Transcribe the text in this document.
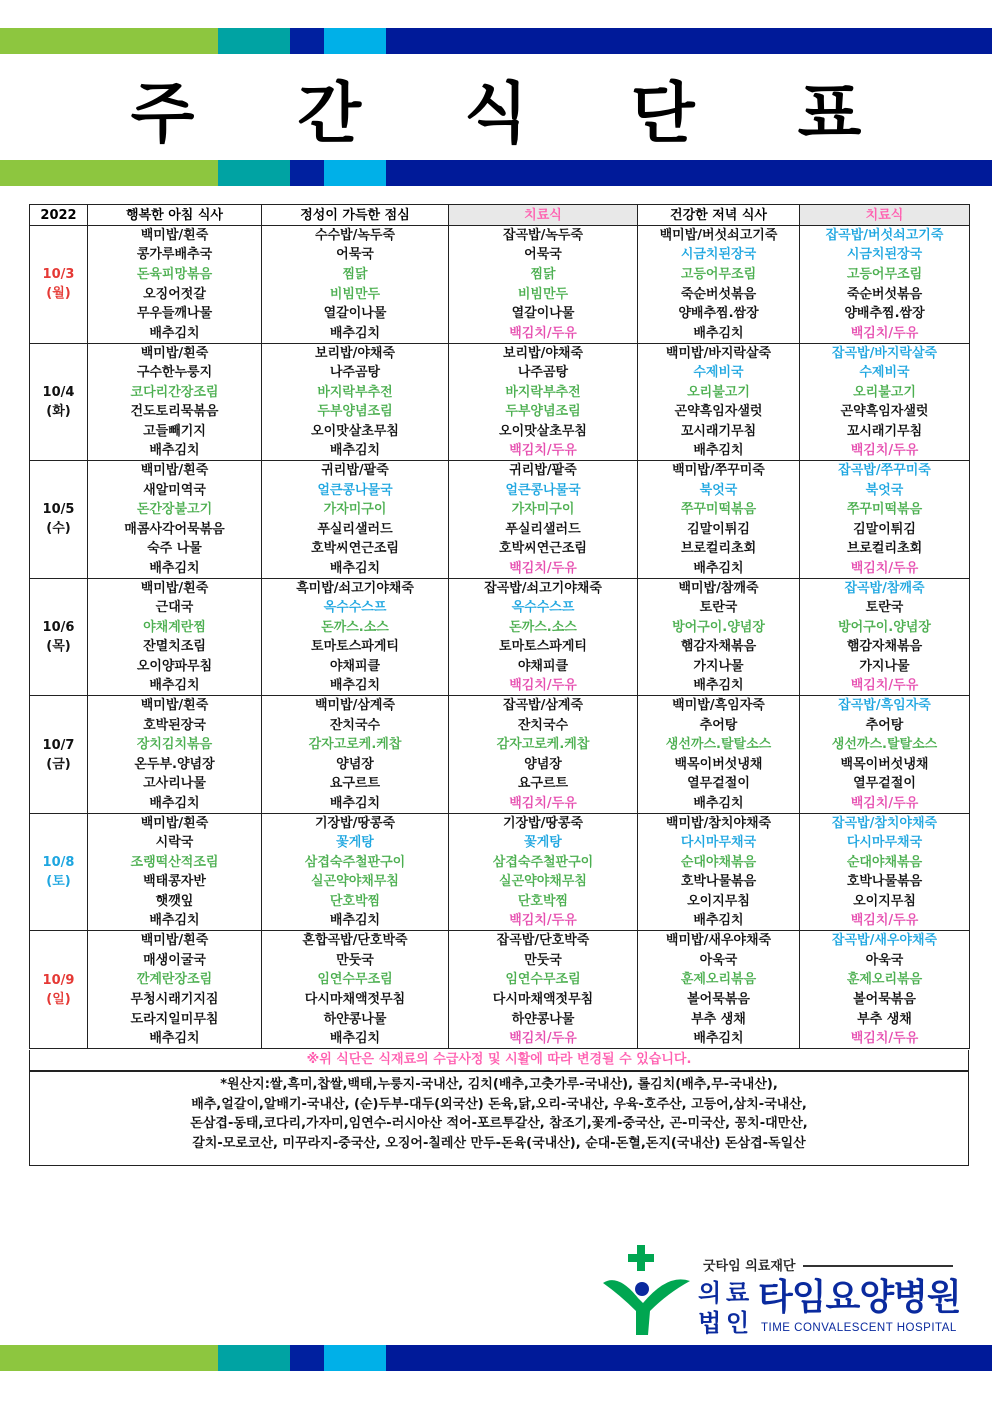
주 간 식 단 표
2022	행복한 아침 식사	정성이 가득한 점심	치료식	건강한 저녁 식사	치료식

10/3
(월)	백미밥/흰죽	수수밥/녹두죽	잡곡밥/녹두죽	백미밥/버섯쇠고기죽	잡곡밥/버섯쇠고기죽
	콩가루배추국	어묵국	어묵국	시금치된장국	시금치된장국
	돈육피망볶음	찜닭	찜닭	고등어무조림	고등어무조림
	오징어젓갈	비빔만두	비빔만두	죽순버섯볶음	죽순버섯볶음
	무우들깨나물	열갈이나물	열갈이나물	양배추찜.쌈장	양배추찜.쌈장
	배추김치	배추김치	백김치/두유	배추김치	백김치/두유

10/4
(화)	백미밥/흰죽	보리밥/야채죽	보리밥/야채죽	백미밥/바지락살죽	잡곡밥/바지락살죽
	구수한누룽지	나주곰탕	나주곰탕	수제비국	수제비국
	코다리간장조림	바지락부추전	바지락부추전	오리불고기	오리불고기
	건도토리묵볶음	두부양념조림	두부양념조림	곤약흑임자샐럿	곤약흑임자샐럿
	고들빼기지	오이맛살초무침	오이맛살초무침	꼬시래기무침	꼬시래기무침
	배추김치	배추김치	백김치/두유	배추김치	백김치/두유

10/5
(수)	백미밥/흰죽	귀리밥/팥죽	귀리밥/팥죽	백미밥/쭈꾸미죽	잡곡밥/쭈꾸미죽
	새알미역국	얼큰콩나물국	얼큰콩나물국	북엇국	북엇국
	돈간장불고기	가자미구이	가자미구이	쭈꾸미떡볶음	쭈꾸미떡볶음
	매콤사각어묵볶음	푸실리샐러드	푸실리샐러드	김말이튀김	김말이튀김
	숙주 나물	호박씨연근조림	호박씨연근조림	브로컬리초회	브로컬리초회
	배추김치	배추김치	백김치/두유	배추김치	백김치/두유

10/6
(목)	백미밥/흰죽	흑미밥/쇠고기야채죽	잡곡밥/쇠고기야채죽	백미밥/참깨죽	잡곡밥/참깨죽
	근대국	옥수수스프	옥수수스프	토란국	토란국
	야채계란찜	돈까스.소스	돈까스.소스	방어구이.양념장	방어구이.양념장
	잔멸치조림	토마토스파게티	토마토스파게티	햄감자채볶음	햄감자채볶음
	오이양파무침	야채피클	야채피클	가지나물	가지나물
	배추김치	배추김치	백김치/두유	배추김치	백김치/두유

10/7
(금)	백미밥/흰죽	백미밥/삼계죽	잡곡밥/삼계죽	백미밥/흑임자죽	잡곡밥/흑임자죽
	호박된장국	잔치국수	잔치국수	추어탕	추어탕
	장치김치볶음	감자고로케.케찹	감자고로케.케찹	생선까스.탈탈소스	생선까스.탈탈소스
	온두부.양념장	양념장	양념장	백목이버섯냉채	백목이버섯냉채
	고사리나물	요구르트	요구르트	열무겉절이	열무겉절이
	배추김치	배추김치	백김치/두유	배추김치	백김치/두유

10/8
(토)	백미밥/흰죽	기장밥/땅콩죽	기장밥/땅콩죽	백미밥/참치야채죽	잡곡밥/참치야채죽
	시락국	꽃게탕	꽃게탕	다시마무채국	다시마무채국
	조랭떡산적조림	삼겹숙주철판구이	삼겹숙주철판구이	순대야채볶음	순대야채볶음
	백태콩자반	실곤약야채무침	실곤약야채무침	호박나물볶음	호박나물볶음
	햇깻잎	단호박찜	단호박찜	오이지무침	오이지무침
	배추김치	배추김치	백김치/두유	배추김치	백김치/두유

10/9
(일)	백미밥/흰죽	혼합곡밥/단호박죽	잡곡밥/단호박죽	백미밥/새우야채죽	잡곡밥/새우야채죽
	매생이굴국	만둣국	만둣국	아욱국	아욱국
	깐계란장조림	임연수무조림	임연수무조림	훈제오리볶음	훈제오리볶음
	무청시래기지짐	다시마채액젓무침	다시마채액젓무침	볼어묵볶음	볼어묵볶음
	도라지일미무침	하얀콩나물	하얀콩나물	부추 생채	부추 생채
	배추김치	배추김치	백김치/두유	배추김치	백김치/두유
※위 식단은 식재료의 수급사정 및 시활에 따라 변경될 수 있습니다.
*원산지:쌀,흑미,찹쌀,백태,누룽지-국내산, 김치(배추,고춧가루-국내산), 롤김치(배추,무-국내산),
배추,얼갈이,알배기-국내산, (순)두부-대두(외국산) 돈육,닭,오리-국내산, 우육-호주산, 고등어,삼치-국내산,
돈삼겹-동태,코다리,가자미,임연수-러시아산 적어-포르투갈산, 참조기,꽃게-중국산, 곤-미국산, 꽁치-대만산,
갈치-모로코산, 미꾸라지-중국산, 오징어-칠레산 만두-돈육(국내산), 순대-돈혈,돈지(국내산) 돈삼겹-독일산
굿타임 의료재단
의 료
법 인
타임요양병원
TIME CONVALESCENT HOSPITAL
